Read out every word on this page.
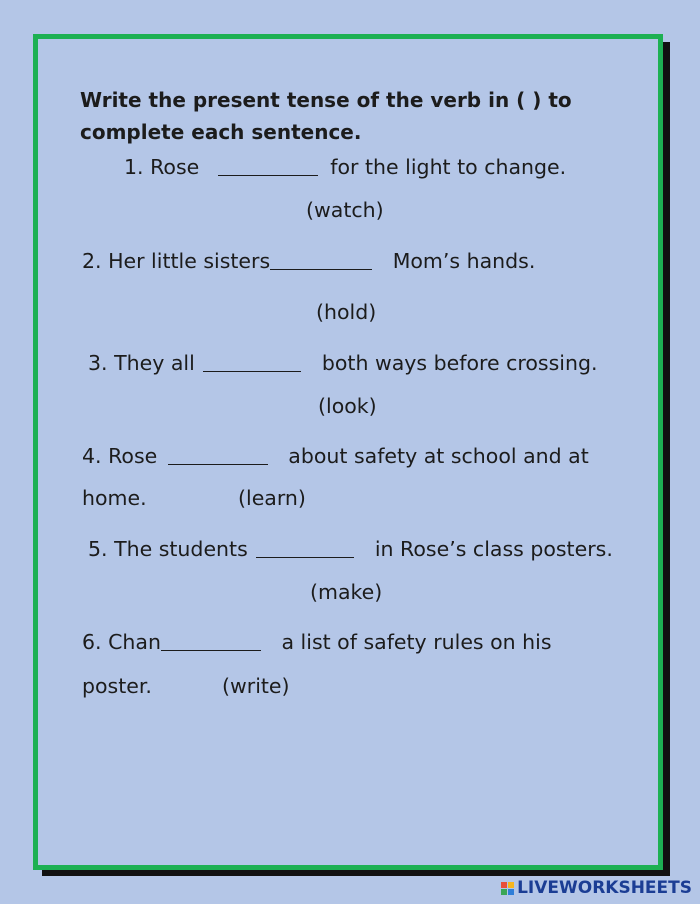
Write the present tense of the verb in ( ) to complete each sentence.
1. Rose	for the light to change.
(watch)
2. Her little sisters	Mom’s hands.
(hold)
3. They all	both ways before crossing.
(look)
4. Rose	about safety at school and at
home.	(learn)
5. The students	in Rose’s class posters.
(make)
6. Chan	a list of safety rules on his
poster.	(write)
LIVEWORKSHEETS
